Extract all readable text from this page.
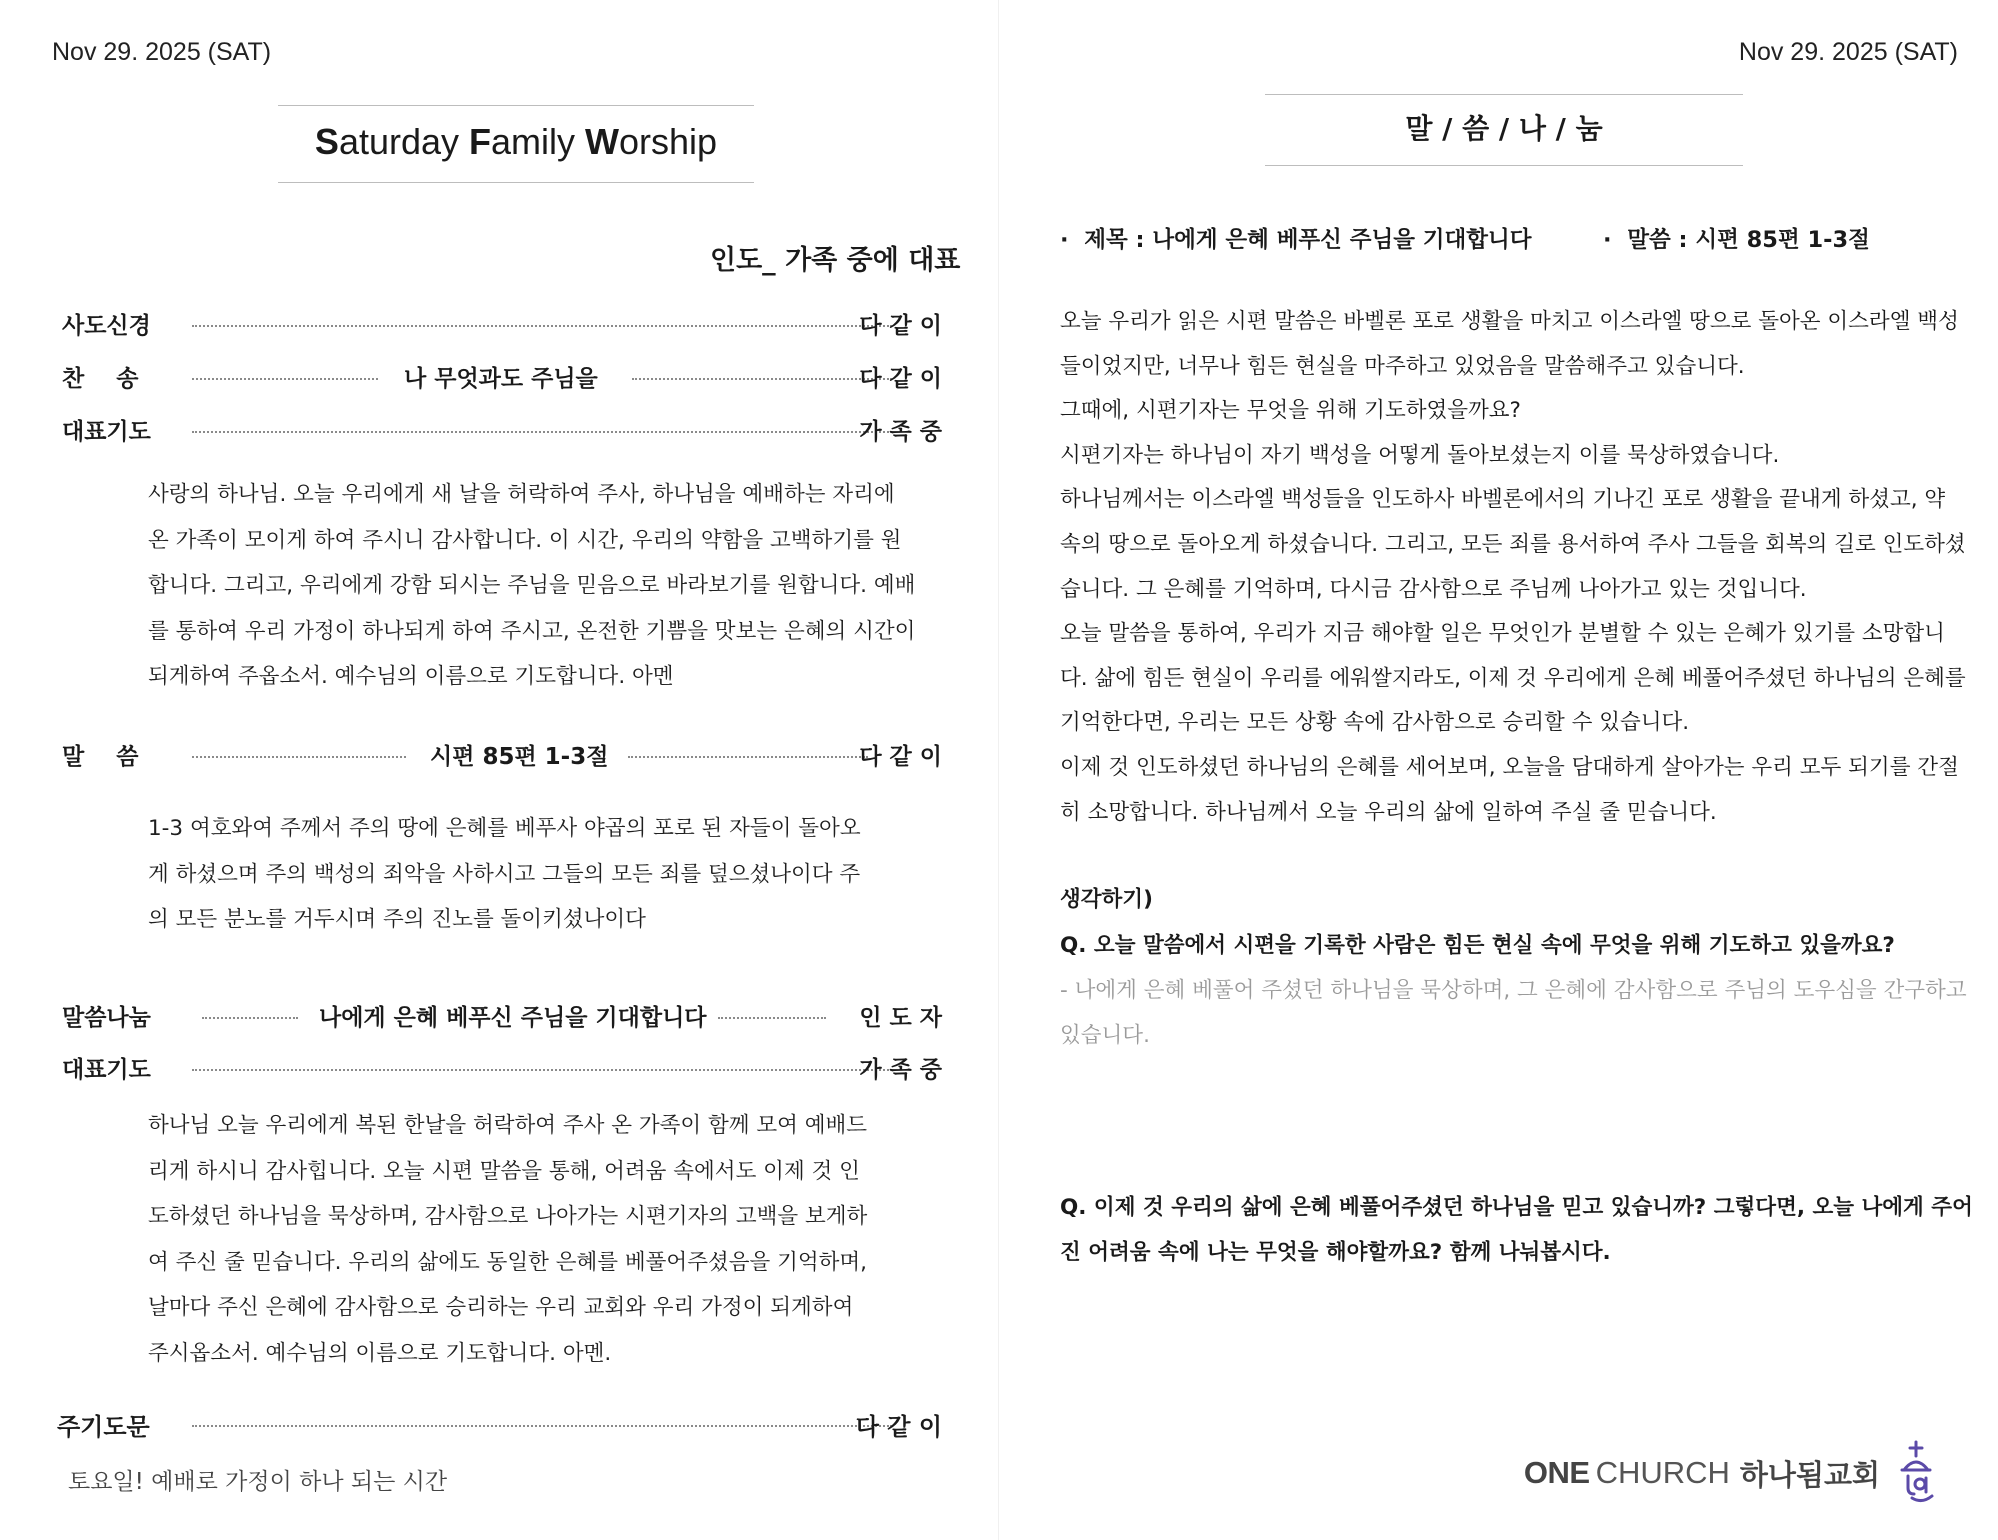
Nov 29. 2025 (SAT)
Saturday Family Worship
인도_ 가족 중에 대표
사도신경	다 같 이
찬    송	나 무엇과도 주님을	다 같 이
대표기도	가 족 중
사랑의 하나님. 오늘 우리에게 새 날을 허락하여 주사, 하나님을 예배하는 자리에
온 가족이 모이게 하여 주시니 감사합니다. 이 시간, 우리의 약함을 고백하기를 원
합니다. 그리고, 우리에게 강함 되시는 주님을 믿음으로 바라보기를 원합니다. 예배
를 통하여 우리 가정이 하나되게 하여 주시고, 온전한 기쁨을 맛보는 은혜의 시간이
되게하여 주옵소서. 예수님의 이름으로 기도합니다. 아멘
말    씀	시편 85편 1-3절	다 같 이
1-3 여호와여 주께서 주의 땅에 은혜를 베푸사 야곱의 포로 된 자들이 돌아오
게 하셨으며 주의 백성의 죄악을 사하시고 그들의 모든 죄를 덮으셨나이다 주
의 모든 분노를 거두시며 주의 진노를 돌이키셨나이다
말씀나눔	나에게 은혜 베푸신 주님을 기대합니다	인 도 자
대표기도	가 족 중
하나님 오늘 우리에게 복된 한날을 허락하여 주사 온 가족이 함께 모여 예배드
리게 하시니 감사힙니다. 오늘 시편 말씀을 통해, 어려움 속에서도 이제 것 인
도하셨던 하나님을 묵상하며, 감사함으로 나아가는 시편기자의 고백을 보게하
여 주신 줄 믿습니다. 우리의 삶에도 동일한 은혜를 베풀어주셨음을 기억하며,
날마다 주신 은혜에 감사함으로 승리하는 우리 교회와 우리 가정이 되게하여
주시옵소서. 예수님의 이름으로 기도합니다. 아멘.
주기도문	다 같 이
토요일! 예배로 가정이 하나 되는 시간
Nov 29. 2025 (SAT)
말 / 씀 / 나 / 눔
·  제목 : 나에게 은혜 베푸신 주님을 기대합니다	·  말씀 : 시편 85편 1-3절
오늘 우리가 읽은 시편 말씀은 바벨론 포로 생활을 마치고 이스라엘 땅으로 돌아온 이스라엘 백성
들이었지만, 너무나 힘든 현실을 마주하고 있었음을 말씀해주고 있습니다.
그때에, 시편기자는 무엇을 위해 기도하였을까요?
시편기자는 하나님이 자기 백성을 어떻게 돌아보셨는지 이를 묵상하였습니다.
하나님께서는 이스라엘 백성들을 인도하사 바벨론에서의 기나긴 포로 생활을 끝내게 하셨고, 약
속의 땅으로 돌아오게 하셨습니다. 그리고, 모든 죄를 용서하여 주사 그들을 회복의 길로 인도하셨
습니다. 그 은혜를 기억하며, 다시금 감사함으로 주님께 나아가고 있는 것입니다.
오늘 말씀을 통하여, 우리가 지금 해야할 일은 무엇인가 분별할 수 있는 은혜가 있기를 소망합니
다. 삶에 힘든 현실이 우리를 에워쌀지라도, 이제 것 우리에게 은혜 베풀어주셨던 하나님의 은혜를
기억한다면, 우리는 모든 상황 속에 감사함으로 승리할 수 있습니다.
이제 것 인도하셨던 하나님의 은혜를 세어보며, 오늘을 담대하게 살아가는 우리 모두 되기를 간절
히 소망합니다. 하나님께서 오늘 우리의 삶에 일하여 주실 줄 믿습니다.
생각하기)
Q. 오늘 말씀에서 시편을 기록한 사람은 힘든 현실 속에 무엇을 위해 기도하고 있을까요?
- 나에게 은혜 베풀어 주셨던 하나님을 묵상하며, 그 은혜에 감사함으로 주님의 도우심을 간구하고
있습니다.
Q. 이제 것 우리의 삶에 은혜 베풀어주셨던 하나님을 믿고 있습니까? 그렇다면, 오늘 나에게 주어
진 어려움 속에 나는 무엇을 해야할까요? 함께 나눠봅시다.
ONE CHURCH 하나됨교회
